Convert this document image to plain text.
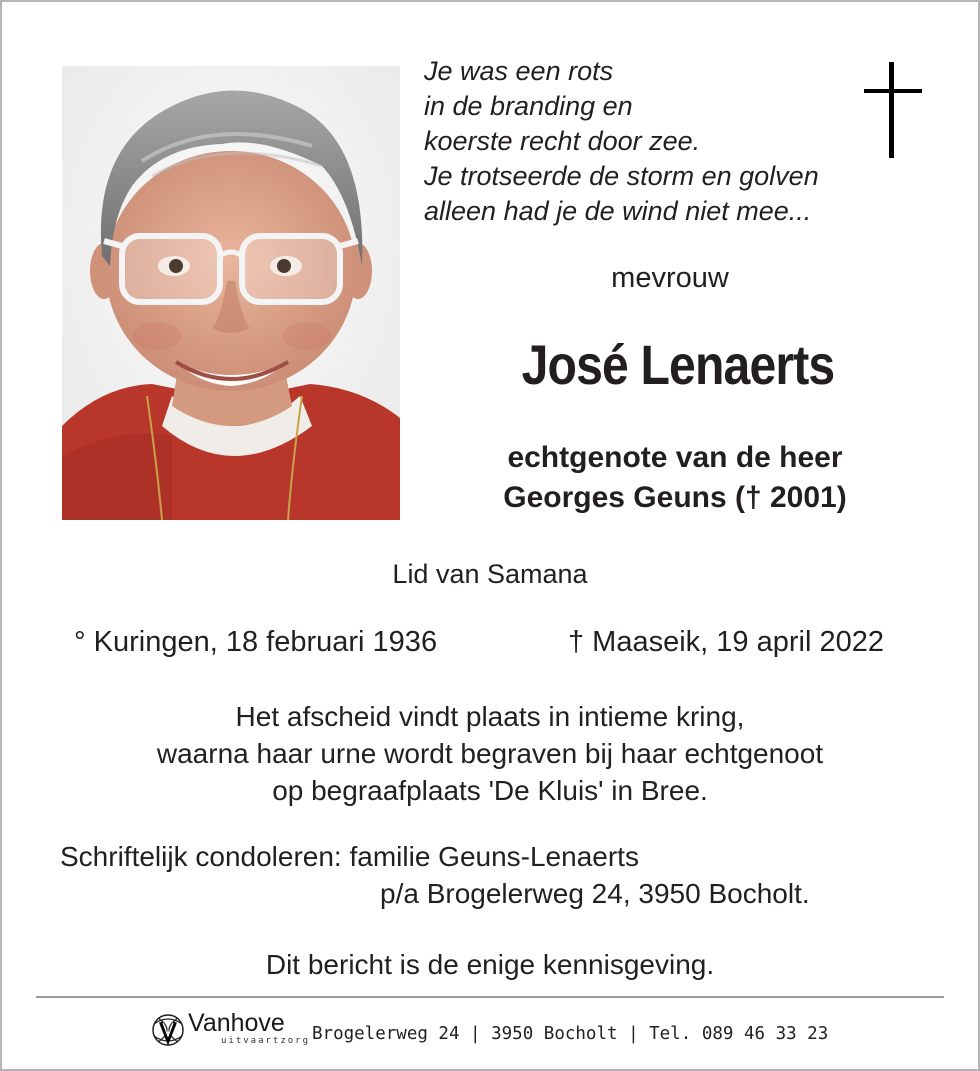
Je was een rots
in de branding en
koerste recht door zee.
Je trotseerde de storm en golven
alleen had je de wind niet mee...
mevrouw
José Lenaerts
echtgenote van de heer
Georges Geuns († 2001)
Lid van Samana
° Kuringen, 18 februari 1936	† Maaseik, 19 april 2022
Het afscheid vindt plaats in intieme kring,
waarna haar urne wordt begraven bij haar echtgenoot
op begraafplaats 'De Kluis' in Bree.
Schriftelijk condoleren: familie Geuns-Lenaerts
p/a Brogelerweg 24, 3950 Bocholt.
Dit bericht is de enige kennisgeving.
Vanhove
uitvaartzorg Brogelerweg 24 | 3950 Bocholt | Tel. 089 46 33 23
